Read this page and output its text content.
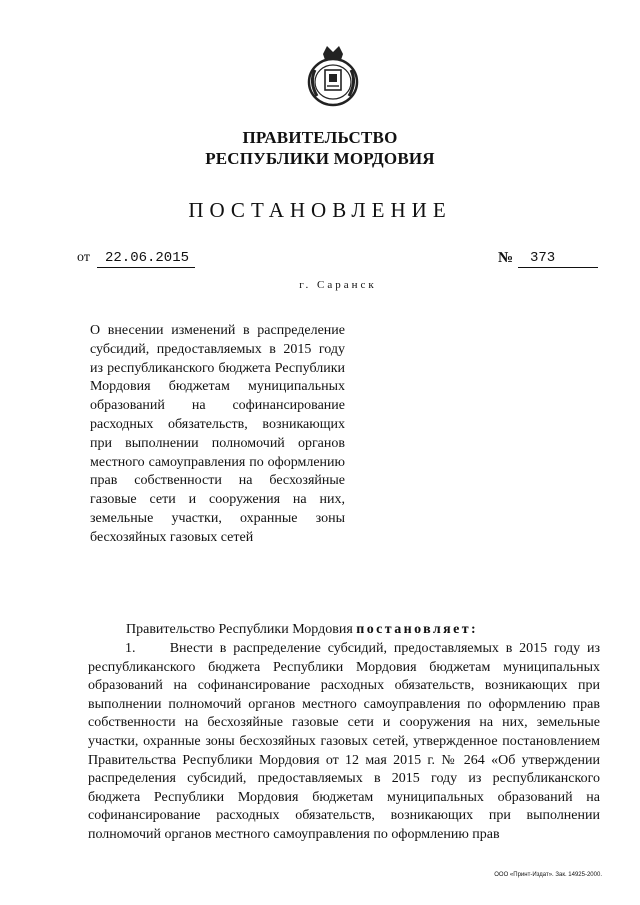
ПРАВИТЕЛЬСТВО
РЕСПУБЛИКИ МОРДОВИЯ
ПОСТАНОВЛЕНИЕ
от	22.06.2015	№	373
г. Саранск
О внесении изменений в распределение субсидий, предоставляемых в 2015 году из республиканского бюджета Республики Мордовия бюджетам муниципальных образований на софинансирование расходных обязательств, возникающих при выполнении полномочий органов местного самоуправления по оформлению прав собственности на бесхозяйные газовые сети и сооружения на них, земельные участки, охранные зоны бесхозяйных газовых сетей
Правительство Республики Мордовия постановляет:
1.     Внести в распределение субсидий, предоставляемых в 2015 году из республиканского бюджета Республики Мордовия бюджетам муниципальных образований на софинансирование расходных обязательств, возникающих при выполнении полномочий органов местного самоуправления по оформлению прав собственности на бесхозяйные газовые сети и сооружения на них, земельные участки, охранные зоны бесхозяйных газовых сетей, утвержденное постановлением Правительства Республики Мордовия от 12 мая 2015 г. № 264 «Об утверждении распределения субсидий, предоставляемых в 2015 году из республиканского бюджета Республики Мордовия бюджетам муниципальных образований на софинансирование расходных обязательств, возникающих при выполнении полномочий органов местного самоуправления по оформлению прав
ООО «Принт-Издат». Зак. 14925-2000.
